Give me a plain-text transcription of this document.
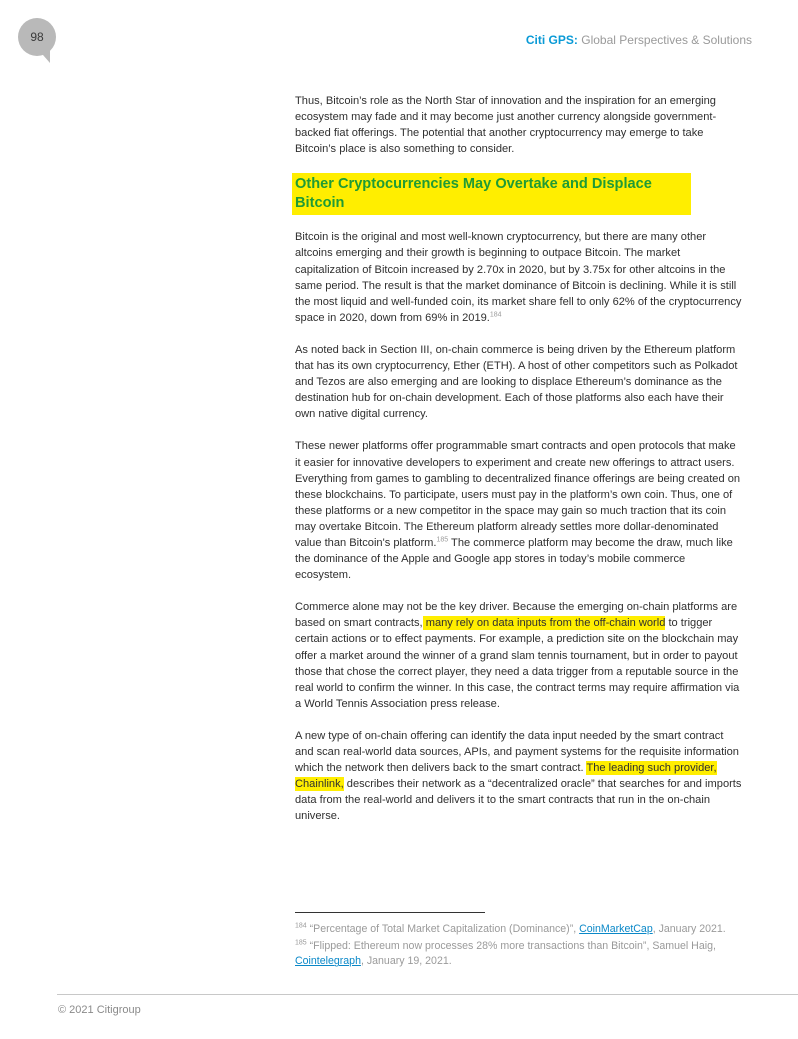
98	Citi GPS: Global Perspectives & Solutions

Thus, Bitcoin’s role as the North Star of innovation and the inspiration for an emerging ecosystem may fade and it may become just another currency alongside government-backed fiat offerings. The potential that another cryptocurrency may emerge to take Bitcoin’s place is also something to consider.

Other Cryptocurrencies May Overtake and Displace Bitcoin

Bitcoin is the original and most well-known cryptocurrency, but there are many other altcoins emerging and their growth is beginning to outpace Bitcoin. The market capitalization of Bitcoin increased by 2.70x in 2020, but by 3.75x for other altcoins in the same period. The result is that the market dominance of Bitcoin is declining. While it is still the most liquid and well-funded coin, its market share fell to only 62% of the cryptocurrency space in 2020, down from 69% in 2019.$^{184}$

As noted back in Section III, on-chain commerce is being driven by the Ethereum platform that has its own cryptocurrency, Ether (ETH). A host of other competitors such as Polkadot and Tezos are also emerging and are looking to displace Ethereum’s dominance as the destination hub for on-chain development. Each of those platforms also each have their own native digital currency.

These newer platforms offer programmable smart contracts and open protocols that make it easier for innovative developers to experiment and create new offerings to attract users. Everything from games to gambling to decentralized finance offerings are being created on these blockchains. To participate, users must pay in the platform’s own coin. Thus, one of these platforms or a new competitor in the space may gain so much traction that its coin may overtake Bitcoin. The Ethereum platform already settles more dollar-denominated value than Bitcoin's platform.$^{185}$ The commerce platform may become the draw, much like the dominance of the Apple and Google app stores in today’s mobile commerce ecosystem.

Commerce alone may not be the key driver. Because the emerging on-chain platforms are based on smart contracts, many rely on data inputs from the off-chain world to trigger certain actions or to effect payments. For example, a prediction site on the blockchain may offer a market around the winner of a grand slam tennis tournament, but in order to payout those that chose the correct player, they need a data trigger from a reputable source in the real world to confirm the winner. In this case, the contract terms may require affirmation via a World Tennis Association press release.

A new type of on-chain offering can identify the data input needed by the smart contract and scan real-world data sources, APIs, and payment systems for the requisite information which the network then delivers back to the smart contract. The leading such provider, Chainlink, describes their network as a “decentralized oracle” that searches for and imports data from the real-world and delivers it to the smart contracts that run in the on-chain universe.

$^{184}$ “Percentage of Total Market Capitalization (Dominance)”, CoinMarketCap, January 2021.
$^{185}$ “Flipped: Ethereum now processes 28% more transactions than Bitcoin”, Samuel Haig, Cointelegraph, January 19, 2021.
© 2021 Citigroup
